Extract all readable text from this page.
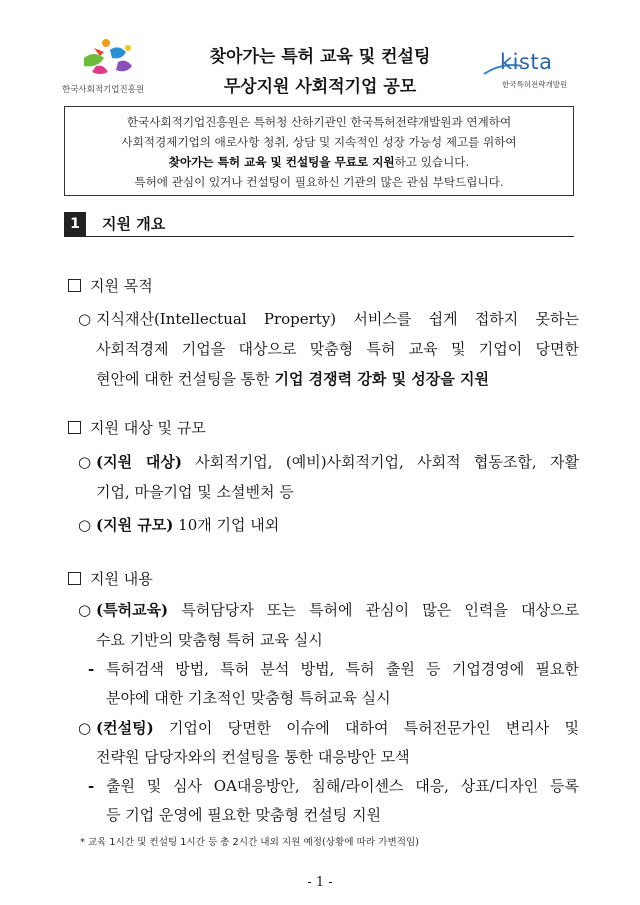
한국사회적기업진흥원
찾아가는 특허 교육 및 컨설팅
무상지원 사회적기업 공모
kista
한국특허전략개발원

한국사회적기업진흥원은 특허청 산하기관인 한국특허전략개발원과 연계하여

사회적경제기업의 애로사항 청취, 상담 및 지속적인 성장 가능성 제고를 위하여

찾아가는 특허 교육 및 컨설팅을 무료로 지원하고 있습니다.

특허에 관심이 있거나 컨설팅이 필요하신 기관의 많은 관심 부탁드립니다.

1	지원 개요
지원 목적
○ 지식재산(Intellectual Property) 서비스를 쉽게 접하지 못하는
사회적경제 기업을 대상으로 맞춤형 특허 교육 및 기업이 당면한
현안에 대한 컨설팅을 통한 기업 경쟁력 강화 및 성장을 지원
지원 대상 및 규모
○ (지원 대상) 사회적기업, (예비)사회적기업, 사회적 협동조합, 자활
기업, 마을기업 및 소셜벤처 등
○ (지원 규모) 10개 기업 내외
지원 내용
○ (특허교육) 특허담당자 또는 특허에 관심이 많은 인력을 대상으로
수요 기반의 맞춤형 특허 교육 실시
- 특허검색 방법, 특허 분석 방법, 특허 출원 등 기업경영에 필요한
분야에 대한 기초적인 맞춤형 특허교육 실시
○ (컨설팅) 기업이 당면한 이슈에 대하여 특허전문가인 변리사 및
전략원 담당자와의 컨설팅을 통한 대응방안 모색
- 출원 및 심사 OA대응방안, 침해/라이센스 대응, 상표/디자인 등록
등 기업 운영에 필요한 맞춤형 컨설팅 지원
* 교육 1시간 및 컨설팅 1시간 등 총 2시간 내외 지원 예정(상황에 따라 가변적임)
- 1 -
